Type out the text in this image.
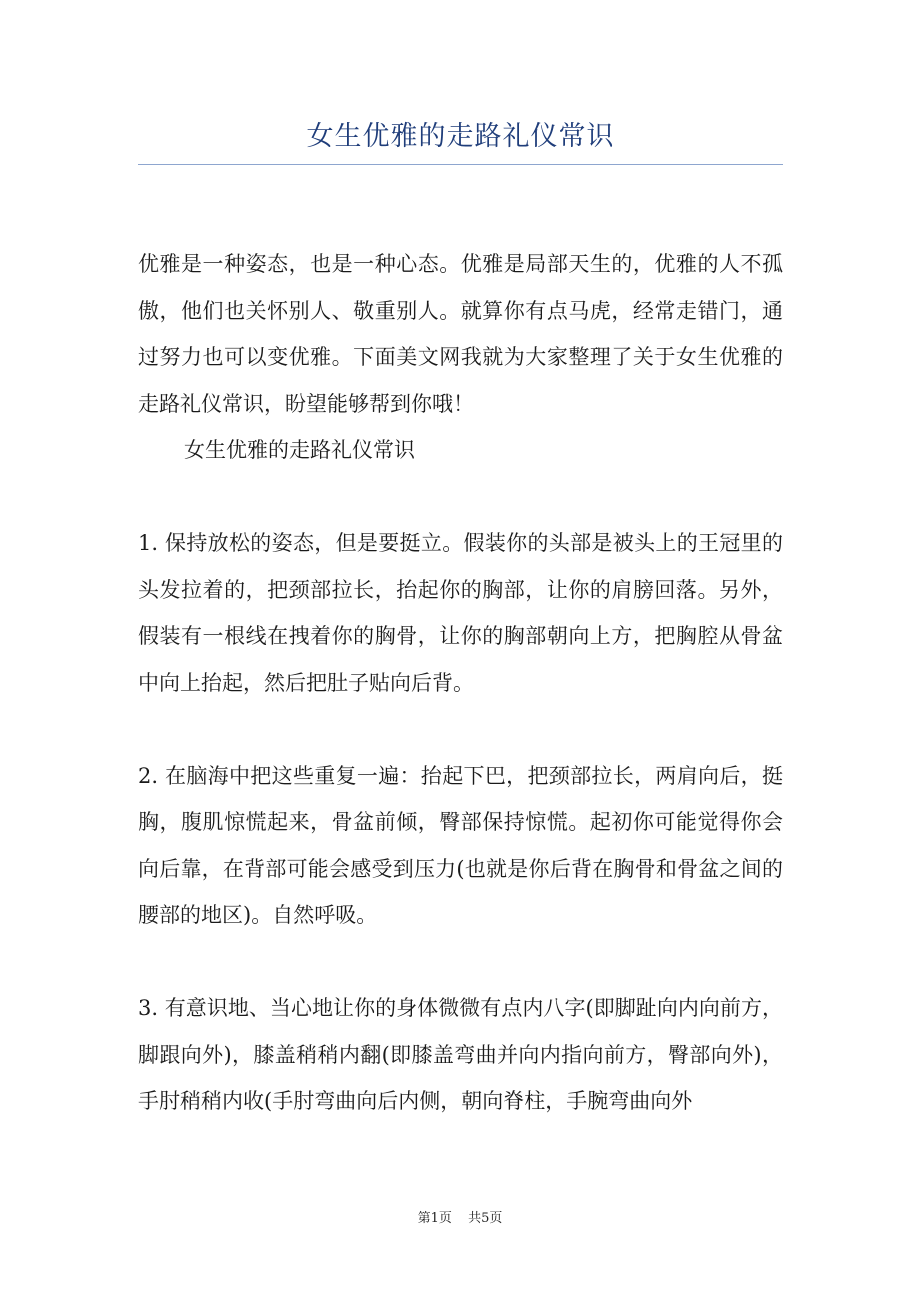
女生优雅的走路礼仪常识

优雅是一种姿态，也是一种心态。优雅是局部天生的，优雅的人不孤傲，他们也关怀别人、敬重别人。就算你有点马虎，经常走错门，通过努力也可以变优雅。下面美文网我就为大家整理了关于女生优雅的走路礼仪常识，盼望能够帮到你哦！

女生优雅的走路礼仪常识

1. 保持放松的姿态，但是要挺立。假装你的头部是被头上的王冠里的头发拉着的，把颈部拉长，抬起你的胸部，让你的肩膀回落。另外，假装有一根线在拽着你的胸骨，让你的胸部朝向上方，把胸腔从骨盆中向上抬起，然后把肚子贴向后背。

2. 在脑海中把这些重复一遍：抬起下巴，把颈部拉长，两肩向后，挺胸，腹肌惊慌起来，骨盆前倾，臀部保持惊慌。起初你可能觉得你会向后靠，在背部可能会感受到压力(也就是你后背在胸骨和骨盆之间的腰部的地区)。自然呼吸。

3. 有意识地、当心地让你的身体微微有点内八字(即脚趾向内向前方，脚跟向外)，膝盖稍稍内翻(即膝盖弯曲并向内指向前方，臀部向外)，手肘稍稍内收(手肘弯曲向后内侧，朝向脊柱，手腕弯曲向外

第1页 共5页
